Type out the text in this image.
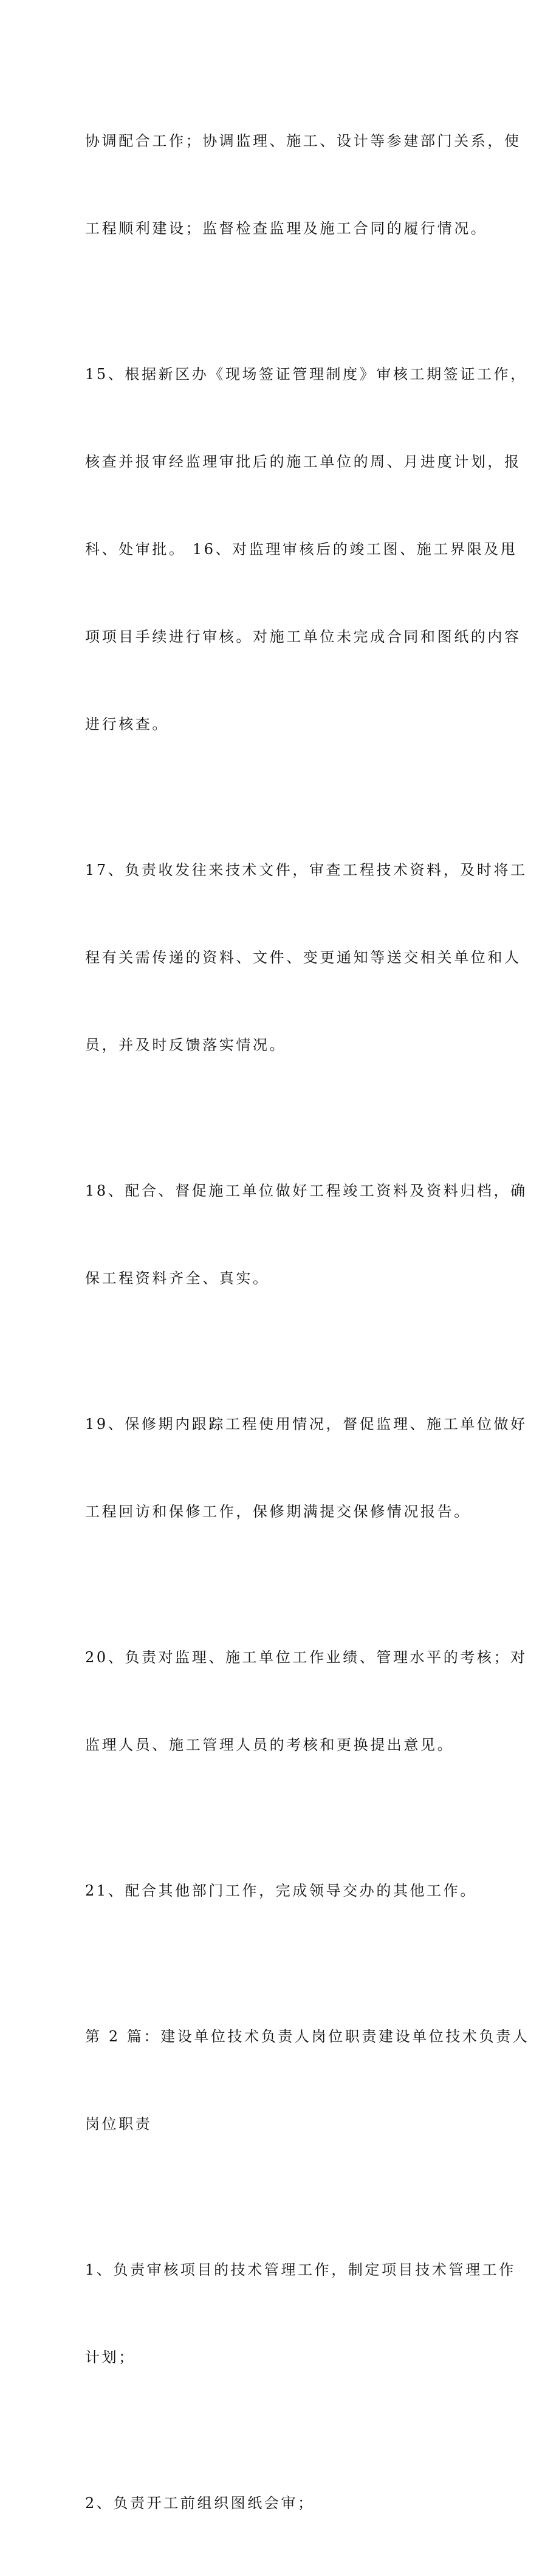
协调配合工作；协调监理、施工、设计等参建部门关系，使

工程顺利建设；监督检查监理及施工合同的履行情况。

15、根据新区办《现场签证管理制度》审核工期签证工作，

核查并报审经监理审批后的施工单位的周、月进度计划，报

科、处审批。 16、对监理审核后的竣工图、施工界限及甩

项项目手续进行审核。对施工单位未完成合同和图纸的内容

进行核查。

17、负责收发往来技术文件，审查工程技术资料，及时将工

程有关需传递的资料、文件、变更通知等送交相关单位和人

员，并及时反馈落实情况。

18、配合、督促施工单位做好工程竣工资料及资料归档，确

保工程资料齐全、真实。

19、保修期内跟踪工程使用情况，督促监理、施工单位做好

工程回访和保修工作，保修期满提交保修情况报告。

20、负责对监理、施工单位工作业绩、管理水平的考核；对

监理人员、施工管理人员的考核和更换提出意见。

21、配合其他部门工作，完成领导交办的其他工作。

第 2 篇：建设单位技术负责人岗位职责建设单位技术负责人

岗位职责

1、负责审核项目的技术管理工作，制定项目技术管理工作

计划；

2、负责开工前组织图纸会审；
